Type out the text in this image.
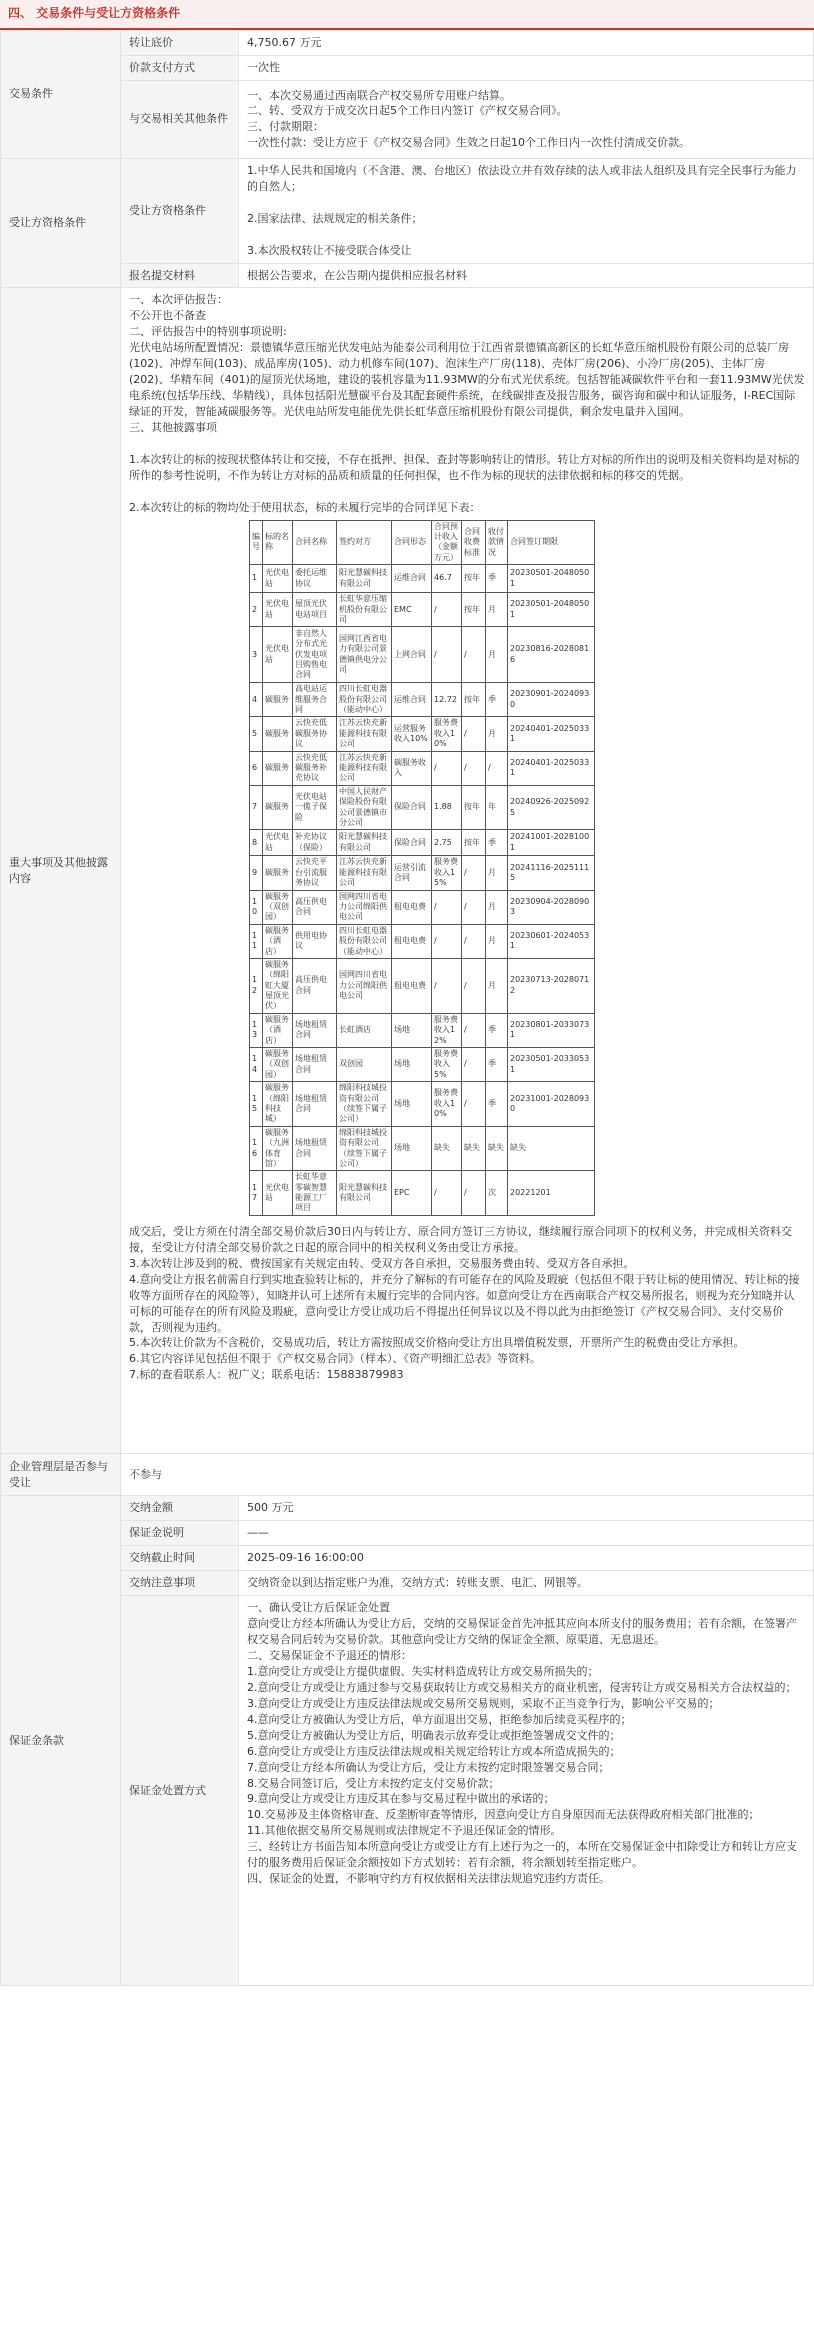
四、 交易条件与受让方资格条件
交易条件	转让底价	4,750.67 万元
价款支付方式	一次性
与交易相关其他条件	一、本次交易通过西南联合产权交易所专用账户结算。
二、转、受双方于成交次日起5个工作日内签订《产权交易合同》。
三、付款期限：
一次性付款：受让方应于《产权交易合同》生效之日起10个工作日内一次性付清成交价款。
受让方资格条件	受让方资格条件	1.中华人民共和国境内（不含港、澳、台地区）依法设立并有效存续的法人或非法人组织及具有完全民事行为能力的自然人；

2.国家法律、法规规定的相关条件；

3.本次股权转让不接受联合体受让
报名提交材料	根据公告要求，在公告期内提供相应报名材料
重大事项及其他披露内容	
一、本次评估报告：
不公开也不备查
二、评估报告中的特别事项说明:
光伏电站场所配置情况：景德镇华意压缩光伏发电站为能泰公司利用位于江西省景德镇高新区的长虹华意压缩机股份有限公司的总装厂房(102)、冲焊车间(103)、成品库房(105)、动力机修车间(107)、泡沫生产厂房(118)、壳体厂房(206)、小冷厂房(205)、主体厂房(202)、华精车间（401)的屋顶光伏场地，建设的装机容量为11.93MW的分布式光伏系统。包括智能减碳软件平台和一套11.93MW光伏发电系统(包括华压线、华精线），具体包括阳光慧碳平台及其配套硬件系统，在线碳排查及报告服务，碳咨询和碳中和认证服务，I-REC国际绿证的开发，智能减碳服务等。光伏电站所发电能优先供长虹华意压缩机股份有限公司提供，剩余发电量并入国网。
三、其他披露事项

1.本次转让的标的按现状整体转让和交接，不存在抵押、担保、查封等影响转让的情形。转让方对标的所作出的说明及相关资料均是对标的所作的参考性说明，不作为转让方对标的品质和质量的任何担保，也不作为标的现状的法律依据和标的移交的凭据。

2.本次转让的标的物均处于使用状态，标的未履行完毕的合同详见下表：
编号	标的名称	合同名称	签约对方	合同形态	合同预计收入（金额万元）	合同收费标准	收付款情况	合同签订期限
1	光伏电站	委托运维协议	阳光慧碳科技有限公司	运维合同	46.7	按年	季	20230501-20480501
2	光伏电站	屋顶光伏电站项目	长虹华意压缩机股份有限公司	EMC	/	按年	月	20230501-20480501
3	光伏电站	非自然人分布式光伏发电项目购售电合同	国网江西省电力有限公司景德镇供电分公司	上网合同	/	/	月	20230816-20280816
4	碳服务	高电站运维服务合同	四川长虹电器股份有限公司（能动中心）	运维合同	12.72	按年	季	20230901-20240930
5	碳服务	云快充低碳服务协议	江苏云快充新能源科技有限公司	运营服务收入10%	服务费收入10%	/	月	20240401-20250331
6	碳服务	云快充低碳服务补充协议	江苏云快充新能源科技有限公司	碳服务收入	/	/	/	20240401-20250331
7	碳服务	光伏电站一揽子保险	中国人民财产保险股份有限公司景德镇市分公司	保险合同	1.88	按年	年	20240926-20250925
8	光伏电站	补充协议（保险）	阳光慧碳科技有限公司	保险合同	2.75	按年	季	20241001-20281001
9	碳服务	云快充平台引流服务协议	江苏云快充新能源科技有限公司	运营引流合同	服务费收入15%	/	月	20241116-20251115
10	碳服务（双创园）	高压供电合同	国网四川省电力公司绵阳供电公司	租电电费	/	/	月	20230904-20280903
11	碳服务（酒店）	供用电协议	四川长虹电器股份有限公司（能动中心）	租电电费	/	/	月	20230601-20240531
12	碳服务（绵阳虹大厦屋顶光伏）	高压供电合同	国网四川省电力公司绵阳供电公司	租电电费	/	/	月	20230713-20280712
13	碳服务（酒店）	场地租赁合同	长虹酒店	场地	服务费收入12%	/	季	20230801-20330731
14	碳服务（双创园）	场地租赁合同	双创园	场地	服务费收入5%	/	季	20230501-20330531
15	碳服务（绵阳科技城）	场地租赁合同	绵阳科技城投资有限公司（续签下属子公司）	场地	服务费收入10%	/	季	20231001-20280930
16	碳服务（九洲体育馆）	场地租赁合同	绵阳科技城投资有限公司（续签下属子公司）	场地	缺失	缺失	缺失	缺失
17	光伏电站	长虹华意零碳智慧能源工厂项目	阳光慧碳科技有限公司	EPC	/	/	次	20221201
成交后，受让方须在付清全部交易价款后30日内与转让方、原合同方签订三方协议，继续履行原合同项下的权利义务，并完成相关资料交接，至受让方付清全部交易价款之日起的原合同中的相关权利义务由受让方承接。
3.本次转让涉及到的税、费按国家有关规定由转、受双方各自承担，交易服务费由转、受双方各自承担。
4.意向受让方报名前需自行到实地查验转让标的，并充分了解标的有可能存在的风险及瑕疵（包括但不限于转让标的使用情况、转让标的接收等方面所存在的风险等），知晓并认可上述所有未履行完毕的合同内容。如意向受让方在西南联合产权交易所报名，则视为充分知晓并认可标的可能存在的所有风险及瑕疵，意向受让方受让成功后不得提出任何异议以及不得以此为由拒绝签订《产权交易合同》、支付交易价款，否则视为违约。
5.本次转让价款为不含税价，交易成功后，转让方需按照成交价格向受让方出具增值税发票，开票所产生的税费由受让方承担。
6.其它内容详见包括但不限于《产权交易合同》（样本）、《资产明细汇总表》等资料。
7.标的查看联系人：祝广义；联系电话：15883879983

企业管理层是否参与受让	不参与
保证金条款	交纳金额	500 万元
保证金说明	——
交纳截止时间	2025-09-16 16:00:00
交纳注意事项	交纳资金以到达指定账户为准，交纳方式：转账支票、电汇、网银等。
保证金处置方式	一、确认受让方后保证金处置
意向受让方经本所确认为受让方后，交纳的交易保证金首先冲抵其应向本所支付的服务费用；若有余额，在签署产权交易合同后转为交易价款。其他意向受让方交纳的保证金全额、原渠道、无息退还。
二、交易保证金不予退还的情形：
1.意向受让方或受让方提供虚假、失实材料造成转让方或交易所损失的；
2.意向受让方或受让方通过参与交易获取转让方或交易相关方的商业机密，侵害转让方或交易相关方合法权益的；
3.意向受让方或受让方违反法律法规或交易所交易规则，采取不正当竞争行为，影响公平交易的；
4.意向受让方被确认为受让方后，单方面退出交易，拒绝参加后续竞买程序的；
5.意向受让方被确认为受让方后，明确表示放弃受让或拒绝签署成交文件的；
6.意向受让方或受让方违反法律法规或相关规定给转让方或本所造成损失的；
7.意向受让方经本所确认为受让方后，受让方未按约定时限签署交易合同；
8.交易合同签订后，受让方未按约定支付交易价款；
9.意向受让方或受让方违反其在参与交易过程中做出的承诺的；
10.交易涉及主体资格审查、反垄断审查等情形，因意向受让方自身原因而无法获得政府相关部门批准的；
11.其他依据交易所交易规则或法律规定不予退还保证金的情形。
三、经转让方书面告知本所意向受让方或受让方有上述行为之一的，本所在交易保证金中扣除受让方和转让方应支付的服务费用后保证金余额按如下方式划转：若有余额，将余额划转至指定账户。
四、保证金的处置，不影响守约方有权依据相关法律法规追究违约方责任。
